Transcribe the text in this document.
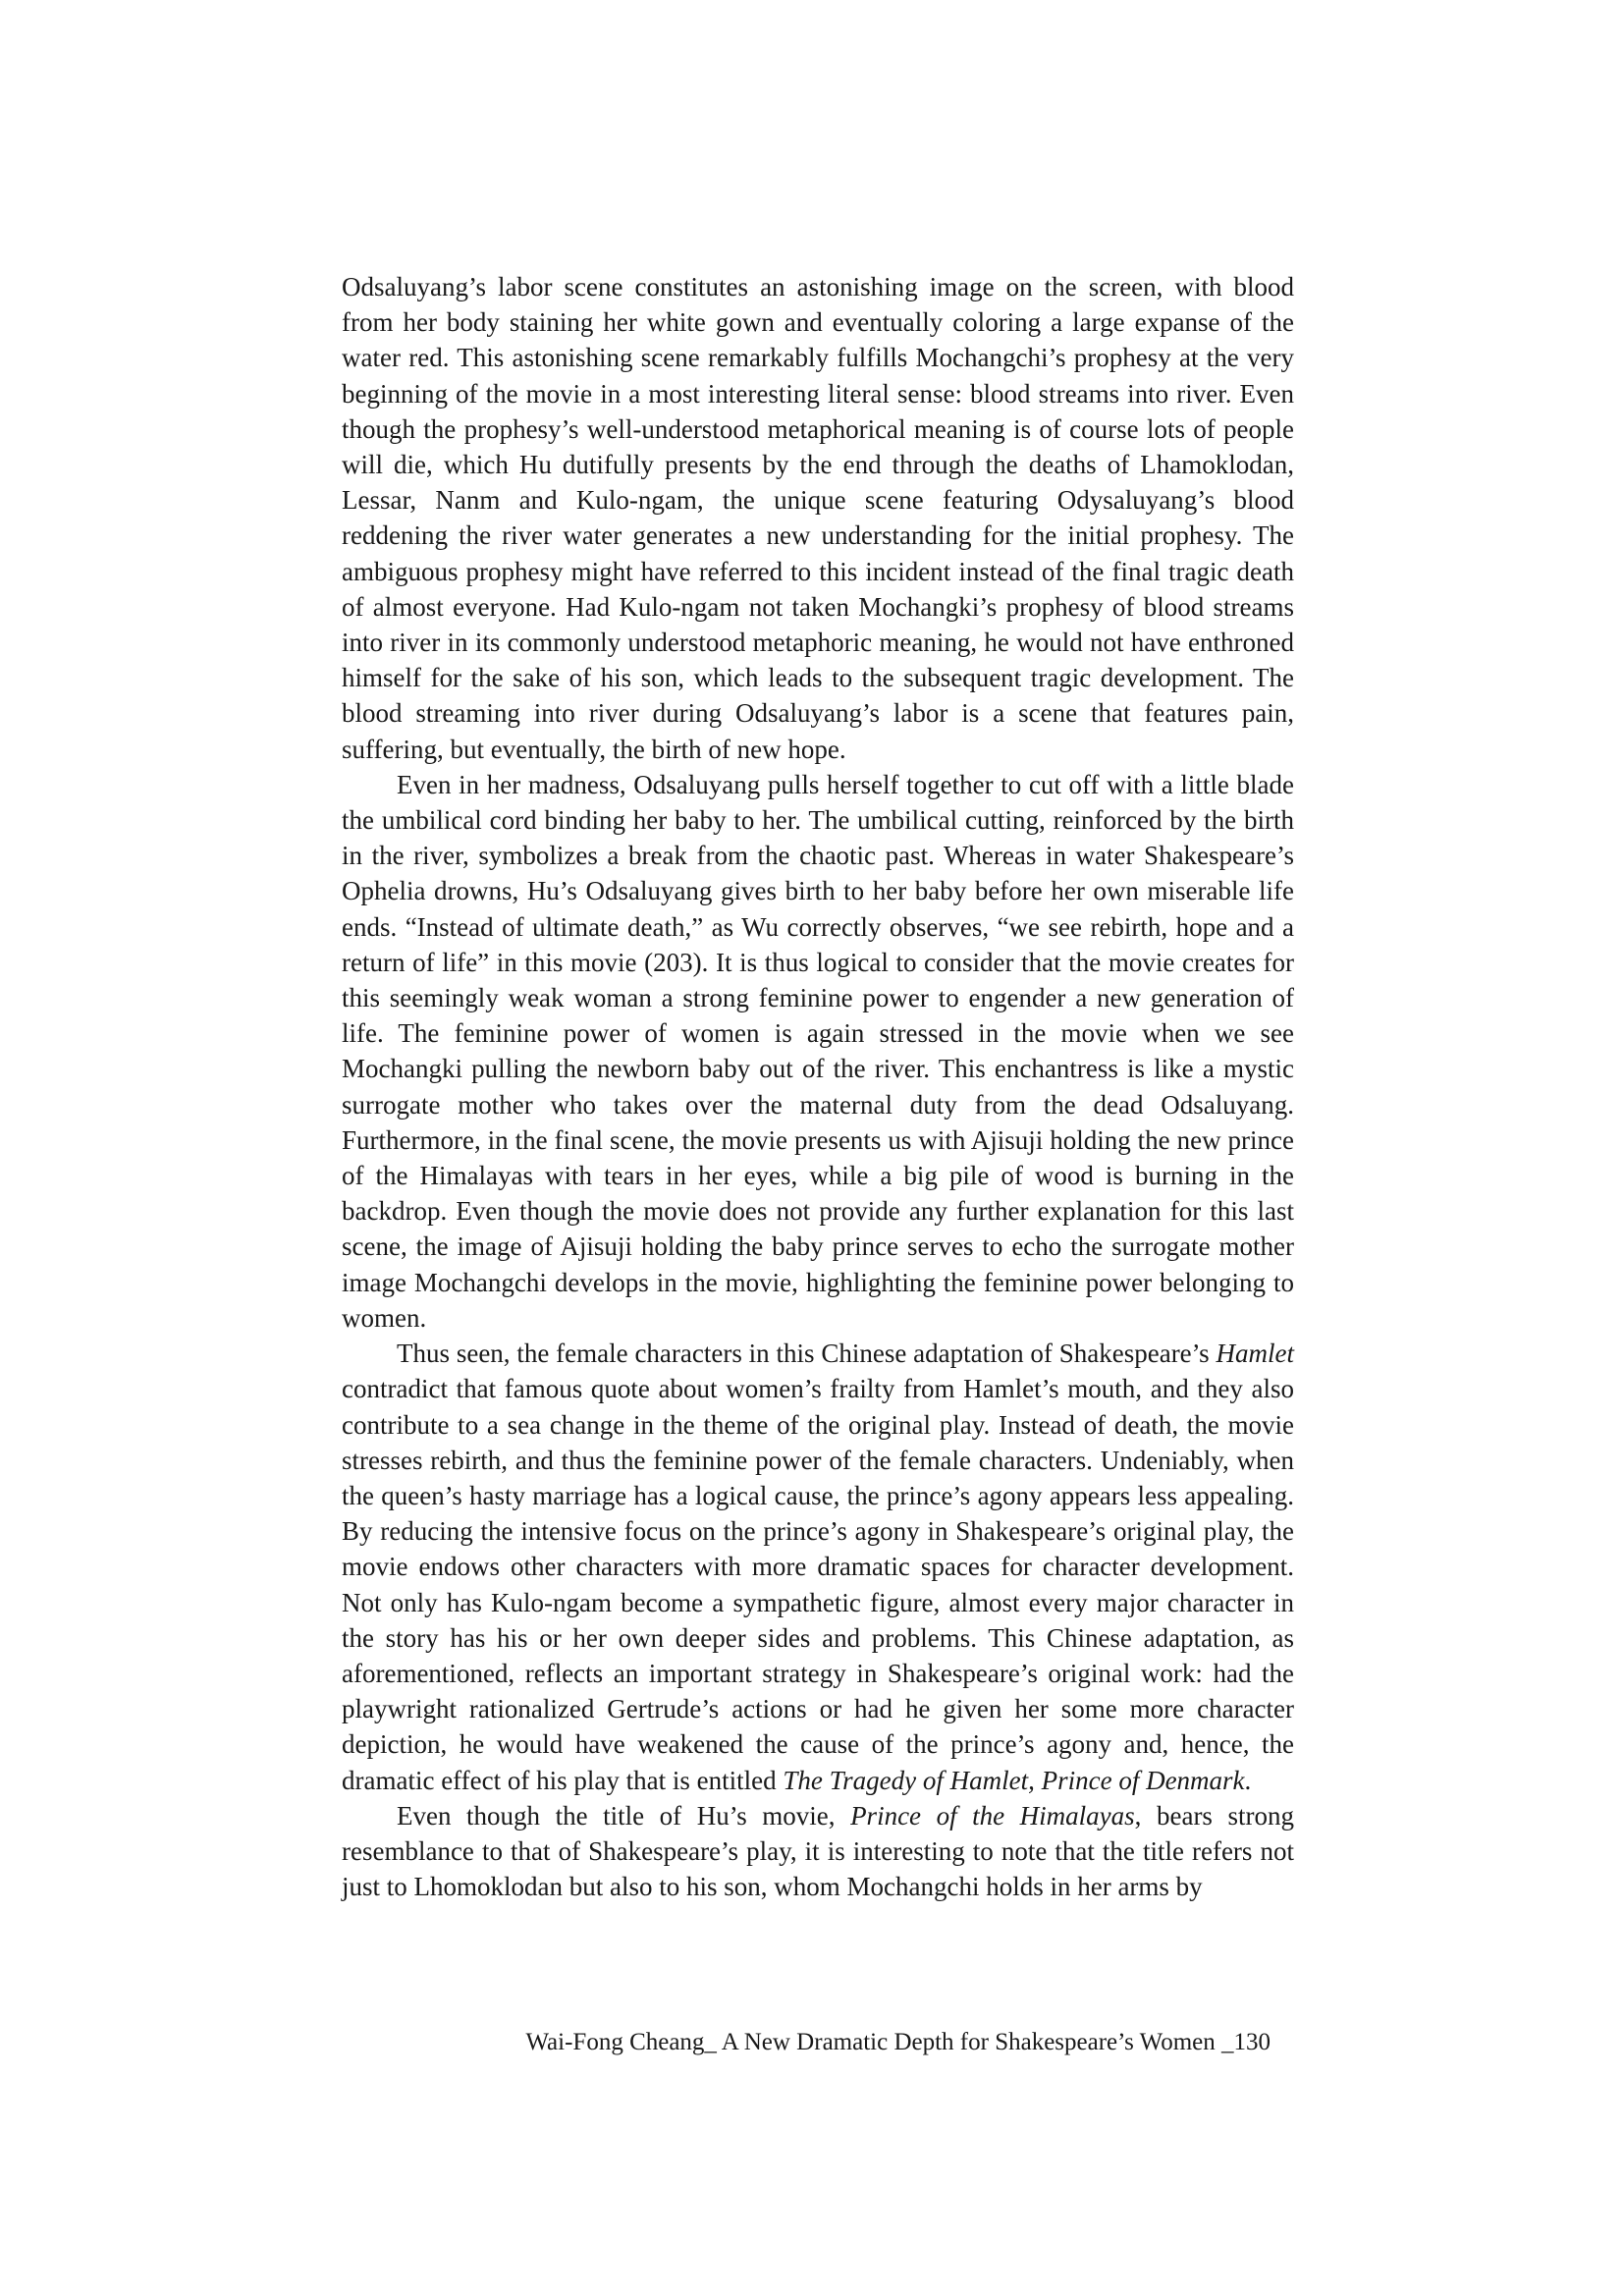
Odsaluyang’s labor scene constitutes an astonishing image on the screen, with blood from her body staining her white gown and eventually coloring a large expanse of the water red. This astonishing scene remarkably fulfills Mochangchi’s prophesy at the very beginning of the movie in a most interesting literal sense: blood streams into river. Even though the prophesy’s well-understood metaphorical meaning is of course lots of people will die, which Hu dutifully presents by the end through the deaths of Lhamoklodan, Lessar, Nanm and Kulo-ngam, the unique scene featuring Odysaluyang’s blood reddening the river water generates a new understanding for the initial prophesy. The ambiguous prophesy might have referred to this incident instead of the final tragic death of almost everyone. Had Kulo-ngam not taken Mochangki’s prophesy of blood streams into river in its commonly understood metaphoric meaning, he would not have enthroned himself for the sake of his son, which leads to the subsequent tragic development. The blood streaming into river during Odsaluyang’s labor is a scene that features pain, suffering, but eventually, the birth of new hope.

Even in her madness, Odsaluyang pulls herself together to cut off with a little blade the umbilical cord binding her baby to her. The umbilical cutting, reinforced by the birth in the river, symbolizes a break from the chaotic past. Whereas in water Shakespeare’s Ophelia drowns, Hu’s Odsaluyang gives birth to her baby before her own miserable life ends. “Instead of ultimate death,” as Wu correctly observes, “we see rebirth, hope and a return of life” in this movie (203). It is thus logical to consider that the movie creates for this seemingly weak woman a strong feminine power to engender a new generation of life. The feminine power of women is again stressed in the movie when we see Mochangki pulling the newborn baby out of the river. This enchantress is like a mystic surrogate mother who takes over the maternal duty from the dead Odsaluyang. Furthermore, in the final scene, the movie presents us with Ajisuji holding the new prince of the Himalayas with tears in her eyes, while a big pile of wood is burning in the backdrop. Even though the movie does not provide any further explanation for this last scene, the image of Ajisuji holding the baby prince serves to echo the surrogate mother image Mochangchi develops in the movie, highlighting the feminine power belonging to women.

Thus seen, the female characters in this Chinese adaptation of Shakespeare’s Hamlet contradict that famous quote about women’s frailty from Hamlet’s mouth, and they also contribute to a sea change in the theme of the original play. Instead of death, the movie stresses rebirth, and thus the feminine power of the female characters. Undeniably, when the queen’s hasty marriage has a logical cause, the prince’s agony appears less appealing. By reducing the intensive focus on the prince’s agony in Shakespeare’s original play, the movie endows other characters with more dramatic spaces for character development. Not only has Kulo-ngam become a sympathetic figure, almost every major character in the story has his or her own deeper sides and problems. This Chinese adaptation, as aforementioned, reflects an important strategy in Shakespeare’s original work: had the playwright rationalized Gertrude’s actions or had he given her some more character depiction, he would have weakened the cause of the prince’s agony and, hence, the dramatic effect of his play that is entitled The Tragedy of Hamlet, Prince of Denmark.

Even though the title of Hu’s movie, Prince of the Himalayas, bears strong resemblance to that of Shakespeare’s play, it is interesting to note that the title refers not just to Lhomoklodan but also to his son, whom Mochangchi holds in her arms by

Wai-Fong Cheang_ A New Dramatic Depth for Shakespeare’s Women _130
